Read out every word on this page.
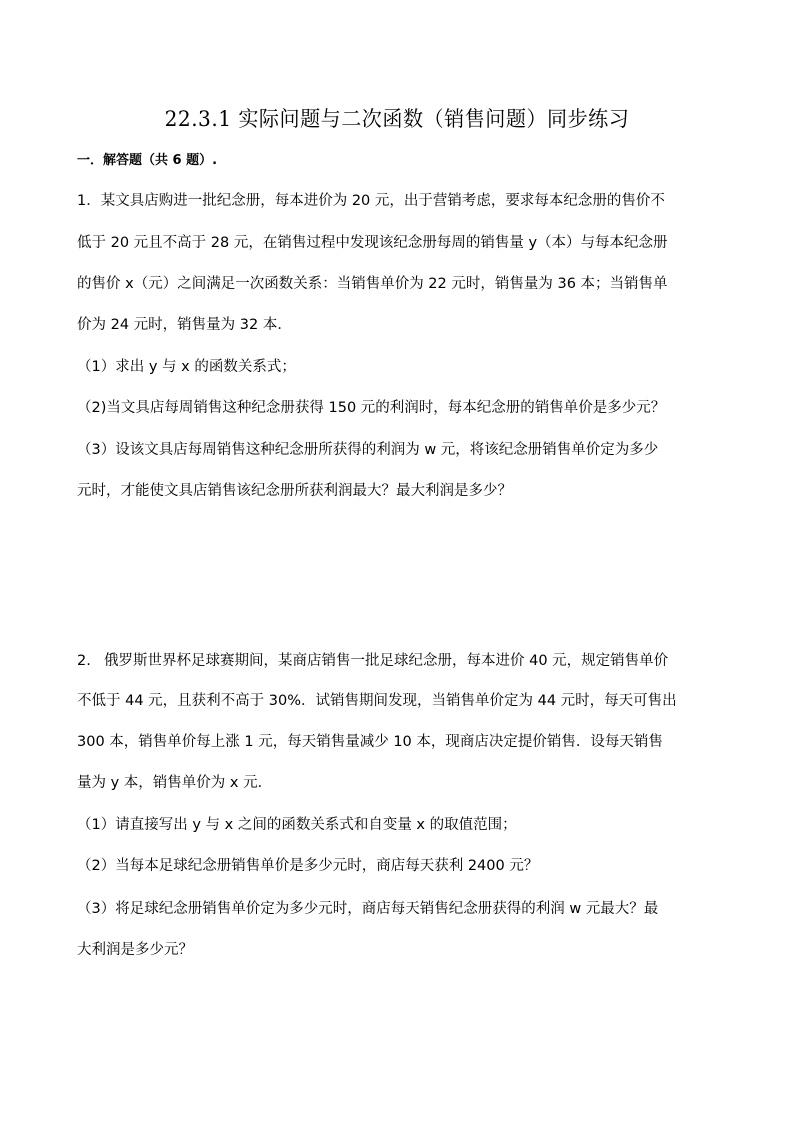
22.3.1 实际问题与二次函数（销售问题）同步练习
一．解答题（共 6 题）.
1．某文具店购进一批纪念册，每本进价为 20 元，出于营销考虑，要求每本纪念册的售价不
低于 20 元且不高于 28 元，在销售过程中发现该纪念册每周的销售量 y（本）与每本纪念册
的售价 x（元）之间满足一次函数关系：当销售单价为 22 元时，销售量为 36 本；当销售单
价为 24 元时，销售量为 32 本．
（1）求出 y 与 x 的函数关系式；
（2)当文具店每周销售这种纪念册获得 150 元的利润时，每本纪念册的销售单价是多少元？
（3）设该文具店每周销售这种纪念册所获得的利润为 w 元，将该纪念册销售单价定为多少
元时，才能使文具店销售该纪念册所获利润最大？最大利润是多少？
2. 俄罗斯世界杯足球赛期间，某商店销售一批足球纪念册，每本进价 40 元，规定销售单价
不低于 44 元，且获利不高于 30%．试销售期间发现，当销售单价定为 44 元时，每天可售出
300 本，销售单价每上涨 1 元，每天销售量减少 10 本，现商店决定提价销售．设每天销售
量为 y 本，销售单价为 x 元．
（1）请直接写出 y 与 x 之间的函数关系式和自变量 x 的取值范围；
（2）当每本足球纪念册销售单价是多少元时，商店每天获利 2400 元？
（3）将足球纪念册销售单价定为多少元时，商店每天销售纪念册获得的利润 w 元最大？最
大利润是多少元？
